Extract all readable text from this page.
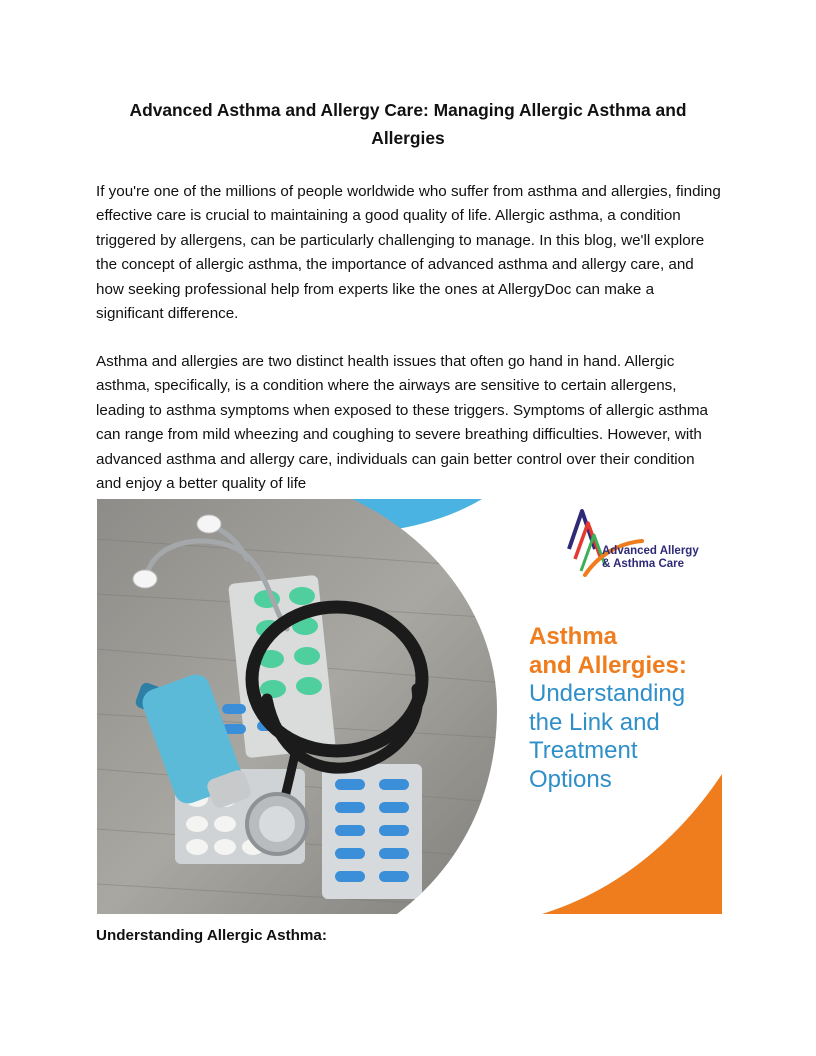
Advanced Asthma and Allergy Care: Managing Allergic Asthma and Allergies

If you're one of the millions of people worldwide who suffer from asthma and allergies, finding effective care is crucial to maintaining a good quality of life. Allergic asthma, a condition triggered by allergens, can be particularly challenging to manage. In this blog, we'll explore the concept of allergic asthma, the importance of advanced asthma and allergy care, and how seeking professional help from experts like the ones at AllergyDoc can make a significant difference.

Asthma and allergies are two distinct health issues that often go hand in hand. Allergic asthma, specifically, is a condition where the airways are sensitive to certain allergens, leading to asthma symptoms when exposed to these triggers. Symptoms of allergic asthma can range from mild wheezing and coughing to severe breathing difficulties. However, with advanced asthma and allergy care, individuals can gain better control over their condition and enjoy a better quality of life

Advanced Allergy
& Asthma Care
Asthma
and Allergies:
Understanding
the Link and
Treatment
Options
Understanding Allergic Asthma:
